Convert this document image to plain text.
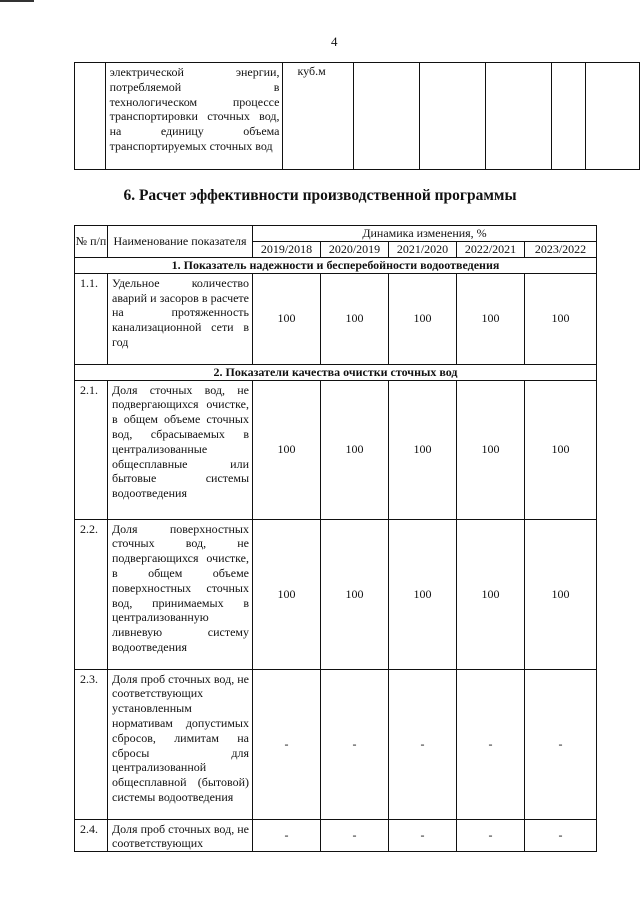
4
	электрической энергии, потребляемой в технологическом процессе транспортировки сточных вод, на единицу объема транспортируемых сточных вод	куб.м					
6. Расчет эффективности производственной программы
№ п/п	Наименование показателя	Динамика изменения, %				
		2019/2018	2020/2019	2021/2020	2022/2021	2023/2022
1. Показатель надежности и бесперебойности водоотведения						
1.1.	Удельное количество аварий и засоров в расчете на протяженность канализационной сети в год	100	100	100	100	100
2. Показатели качества очистки сточных вод						
2.1.	Доля сточных вод, не подвергающихся очистке, в общем объеме сточных вод, сбрасываемых в централизованные общесплавные или бытовые системы водоотведения	100	100	100	100	100
2.2.	Доля поверхностных сточных вод, не подвергающихся очистке, в общем объеме поверхностных сточных вод, принимаемых в централизованную ливневую систему водоотведения	100	100	100	100	100
2.3.	Доля проб сточных вод, не соответствующих установленным нормативам допустимых сбросов, лимитам на сбросы для централизованной общесплавной (бытовой) системы водоотведения	-	-	-	-	-
2.4.	Доля проб сточных вод, не соответствующих	-	-	-	-	-
